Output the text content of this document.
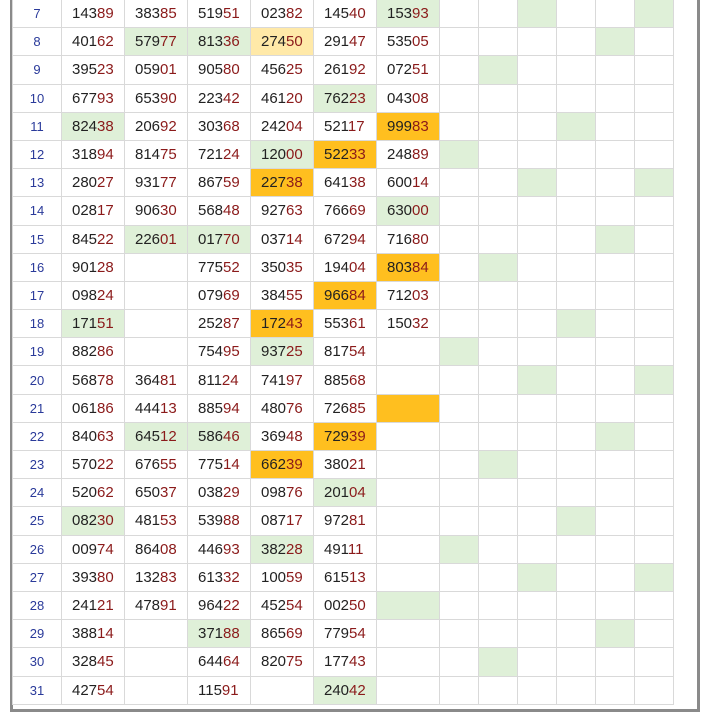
7	14389	38385	51951	02382	14540	15393						
8	40162	57977	81336	27450	29147	53505						
9	39523	05901	90580	45625	26192	07251						
10	67793	65390	22342	46120	76223	04308						
11	82438	20692	30368	24204	52117	99983						
12	31894	81475	72124	12000	52233	24889						
13	28027	93177	86759	22738	64138	60014						
14	02817	90630	56848	92763	76669	63000						
15	84522	22601	01770	03714	67294	71680						
16	90128		77552	35035	19404	80384						
17	09824		07969	38455	96684	71203						
18	17151		25287	17243	55361	15032						
19	88286		75495	93725	81754							
20	56878	36481	81124	74197	88568							
21	06186	44413	88594	48076	72685							
22	84063	64512	58646	36948	72939							
23	57022	67655	77514	66239	38021							
24	52062	65037	03829	09876	20104							
25	08230	48153	53988	08717	97281							
26	00974	86408	44693	38228	49111							
27	39380	13283	61332	10059	61513							
28	24121	47891	96422	45254	00250							
29	38814		37188	86569	77954							
30	32845		64464	82075	17743							
31	42754		11591		24042							
